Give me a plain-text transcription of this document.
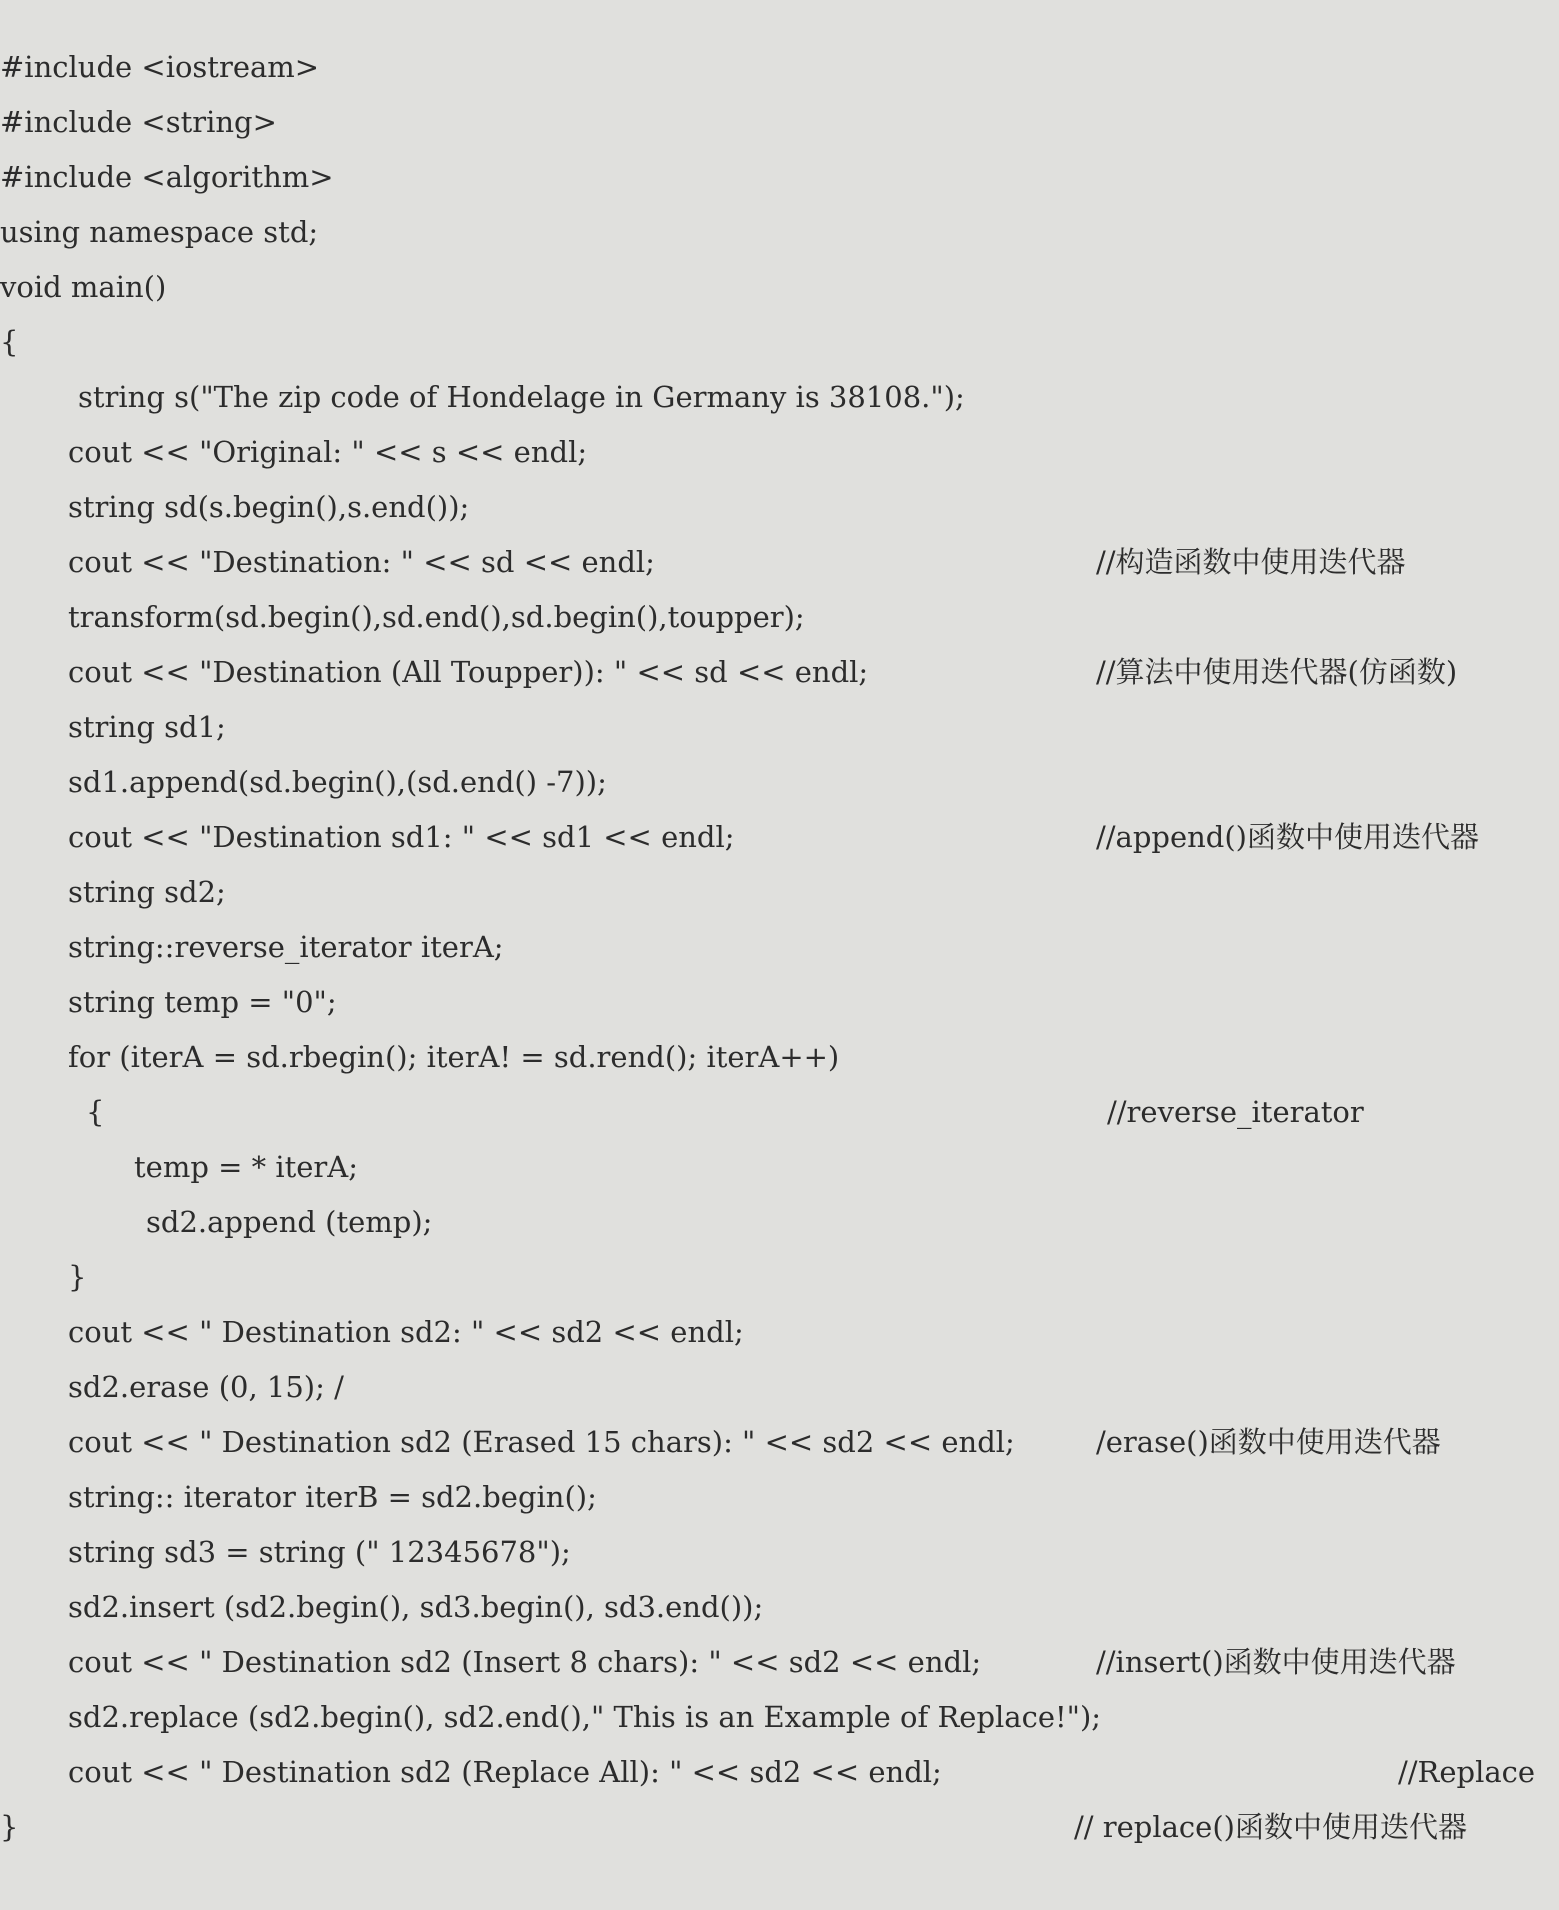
#include <iostream>

#include <string>

#include <algorithm>

using namespace std;

void main()

{

string s("The zip code of Hondelage in Germany is 38108.");

cout << "Original: " << s << endl;

string sd(s.begin(),s.end());

//构造函数中使用迭代器

cout << "Destination: " << sd << endl;

transform(sd.begin(),sd.end(),sd.begin(),toupper);

//算法中使用迭代器(仿函数)

cout << "Destination (All Toupper)): " << sd << endl;

string sd1;

sd1.append(sd.begin(),(sd.end() -7));

//append()函数中使用迭代器

cout << "Destination sd1: " << sd1 << endl;

string sd2;

string::reverse_iterator iterA;

string temp = "0";

for (iterA = sd.rbegin(); iterA! = sd.rend(); iterA++)

//reverse_iterator

{

temp = * iterA;

sd2.append (temp);

}

cout << " Destination sd2: " << sd2 << endl;

sd2.erase (0, 15); /

/erase()函数中使用迭代器

cout << " Destination sd2 (Erased 15 chars): " << sd2 << endl;

string:: iterator iterB = sd2.begin();

string sd3 = string (" 12345678");

sd2.insert (sd2.begin(), sd3.begin(), sd3.end());

//insert()函数中使用迭代器

cout << " Destination sd2 (Insert 8 chars): " << sd2 << endl;

sd2.replace (sd2.begin(), sd2.end()," This is an Example of Replace!");

//Replace

cout << " Destination sd2 (Replace All): " << sd2 << endl;

// replace()函数中使用迭代器

}
